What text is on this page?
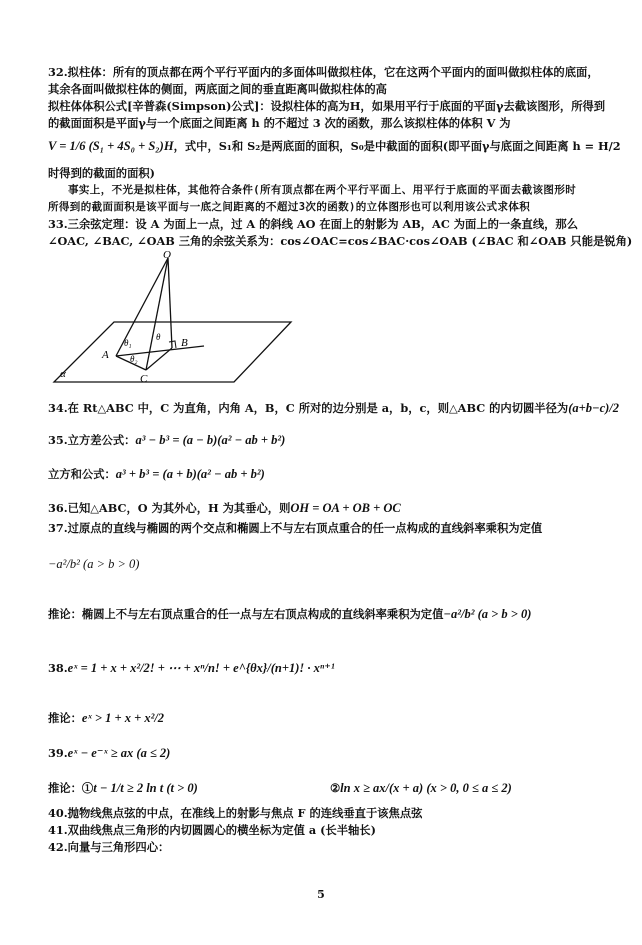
32.拟柱体：所有的顶点都在两个平行平面内的多面体叫做拟柱体，它在这两个平面内的面叫做拟柱体的底面，
其余各面叫做拟柱体的侧面，两底面之间的垂直距离叫做拟柱体的高
拟柱体体积公式[辛普森(Simpson)公式]：设拟柱体的高为H，如果用平行于底面的平面γ去截该图形，所得到
的截面面积是平面γ与一个底面之间距离 h 的不超过 3 次的函数，那么该拟柱体的体积 V 为
V = 1/6 (S₁ + 4S₀ + S₂)H，式中，S₁和 S₂是两底面的面积，S₀是中截面的面积(即平面γ与底面之间距离 h = H/2
时得到的截面的面积)
事实上，不光是拟柱体，其他符合条件(所有顶点都在两个平行平面上、用平行于底面的平面去截该图形时
所得到的截面面积是该平面与一底之间距离的不超过3次的函数)的立体图形也可以利用该公式求体积
33.三余弦定理：设 A 为面上一点，过 A 的斜线 AO 在面上的射影为 AB，AC 为面上的一条直线，那么
∠OAC, ∠BAC, ∠OAB 三角的余弦关系为：cos∠OAC=cos∠BAC·cos∠OAB (∠BAC 和∠OAB 只能是锐角)
O
A
B
C
θ₁
θ
θ₂
α
34.在 Rt△ABC 中，C 为直角，内角 A，B，C 所对的边分别是 a，b，c，则△ABC 的内切圆半径为(a+b−c)/2
35.立方差公式：a³ − b³ = (a − b)(a² − ab + b²)
立方和公式：a³ + b³ = (a + b)(a² − ab + b²)
36.已知△ABC，O 为其外心，H 为其垂心，则OH = OA + OB + OC
37.过原点的直线与椭圆的两个交点和椭圆上不与左右顶点重合的任一点构成的直线斜率乘积为定值
−a²/b² (a > b > 0)
推论：椭圆上不与左右顶点重合的任一点与左右顶点构成的直线斜率乘积为定值−a²/b² (a > b > 0)
38.eˣ = 1 + x + x²/2! + ⋯ + xⁿ/n! + e^{θx}/(n+1)! · xⁿ⁺¹
推论：eˣ > 1 + x + x²/2
39.eˣ − e⁻ˣ ≥ ax (a ≤ 2)
推论：①t − 1/t ≥ 2 ln t (t > 0)	②ln x ≥ ax/(x + a) (x > 0, 0 ≤ a ≤ 2)
40.抛物线焦点弦的中点，在准线上的射影与焦点 F 的连线垂直于该焦点弦
41.双曲线焦点三角形的内切圆圆心的横坐标为定值 a (长半轴长)
42.向量与三角形四心：
5
